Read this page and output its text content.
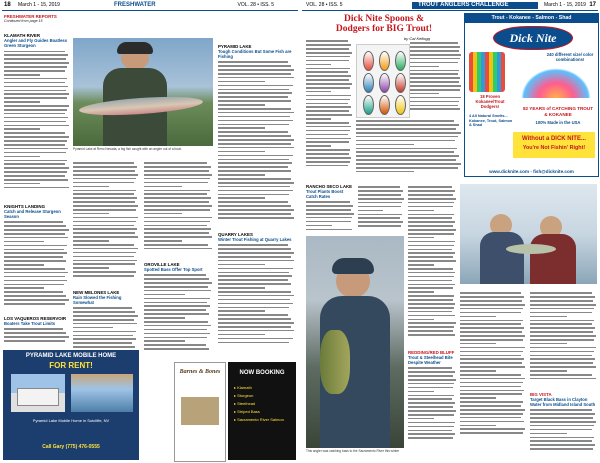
18 March 1 - 15, 2019	FRESHWATER	VOL. 28 • ISS. 5
FRESHWATER REPORTS
Continued from page 15
KLAMATH RIVER
Angler and Fly Guides Boatless Green Sturgeon
KNIGHTS LANDING
Catch and Release Sturgeon Season
LOS VAQUEROS RESERVOIR
Boaters Take Trout Limits
Pyramid Lake at Reno Nevada, a big fish caught with an angler out of a boat.
NEW MELONES LAKE
Rain Slowed the Fishing Somewhat
OROVILLE LAKE
Spotted Bass Offer Top Sport
PYRAMID LAKE
Tough Conditions But Some Fish are Fishing
QUARRY LAKES
Winter Trout Fishing at Quarry Lakes
PYRAMID LAKE MOBILE HOME
FOR RENT!
Pyramid Lake Mobile Home in Sutcliffe, NV
Call Gary (775) 476-0555
Barnes & Bones	NOW BOOKING
▸ Klamath
▸ Sturgeon
▸ Steelhead
▸ Striped Bass
▸ Sacramento River Salmon
VOL. 28 • ISS. 5	TROUT ANGLERS CHALLENGE	March 1 - 15, 2019 17
Dick Nite Spoons &
Dodgers for BIG Trout!
by Cal Kellogg
Trout - Kokanee - Salmon - Shad
Dick Nite
18 Proven Kokanee/Trout Dodgers!
240 different size/ color combinations!
4 All Natural Smelts... Kokanee, Trout, Salmon & Shad
82 YEARS of CATCHING TROUT & KOKANEE
100% Made in the USA
Without a DICK NITE...
You're Not Fishin' Right!
www.dicknite.com - fish@dicknite.com
RANCHO SECO LAKE
Trout Plants Boost Catch Rates
This angler was catching bass to the Sacramento River this winter
REDDING/RED BLUFF
Trout & Steelhead Bite Despite Weather
BIG VISTA
Target Black Bass in Clayton Water from Midland Island South
